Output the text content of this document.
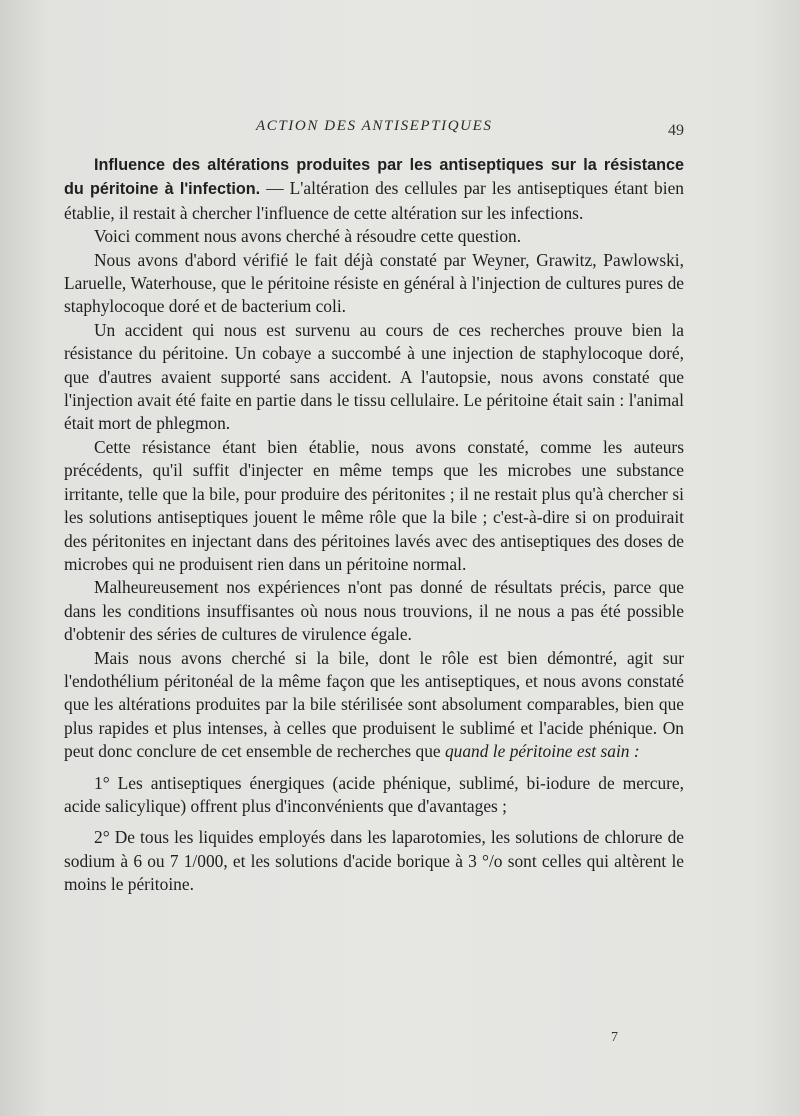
ACTION DES ANTISEPTIQUES	49

Influence des altérations produites par les antiseptiques sur la résistance du péritoine à l'infection. — L'altération des cellules par les antiseptiques étant bien établie, il restait à chercher l'influence de cette altération sur les infections.

Voici comment nous avons cherché à résoudre cette question.

Nous avons d'abord vérifié le fait déjà constaté par Weyner, Grawitz, Pawlowski, Laruelle, Waterhouse, que le péritoine résiste en général à l'injection de cultures pures de staphylocoque doré et de bacterium coli.

Un accident qui nous est survenu au cours de ces recherches prouve bien la résistance du péritoine. Un cobaye a succombé à une injection de staphylocoque doré, que d'autres avaient supporté sans accident. A l'autopsie, nous avons constaté que l'injection avait été faite en partie dans le tissu cellulaire. Le péritoine était sain : l'animal était mort de phlegmon.

Cette résistance étant bien établie, nous avons constaté, comme les auteurs précédents, qu'il suffit d'injecter en même temps que les microbes une substance irritante, telle que la bile, pour produire des péritonites ; il ne restait plus qu'à chercher si les solutions antiseptiques jouent le même rôle que la bile ; c'est-à-dire si on produirait des péritonites en injectant dans des péritoines lavés avec des antiseptiques des doses de microbes qui ne produisent rien dans un péritoine normal.

Malheureusement nos expériences n'ont pas donné de résultats précis, parce que dans les conditions insuffisantes où nous nous trouvions, il ne nous a pas été possible d'obtenir des séries de cultures de virulence égale.

Mais nous avons cherché si la bile, dont le rôle est bien démontré, agit sur l'endothélium péritonéal de la même façon que les antiseptiques, et nous avons constaté que les altérations produites par la bile stérilisée sont absolument comparables, bien que plus rapides et plus intenses, à celles que produisent le sublimé et l'acide phénique. On peut donc conclure de cet ensemble de recherches que quand le péritoine est sain :

1° Les antiseptiques énergiques (acide phénique, sublimé, bi-iodure de mercure, acide salicylique) offrent plus d'inconvénients que d'avantages ;

2° De tous les liquides employés dans les laparotomies, les solutions de chlorure de sodium à 6 ou 7 1/000, et les solutions d'acide borique à 3 °/o sont celles qui altèrent le moins le péritoine.

7
